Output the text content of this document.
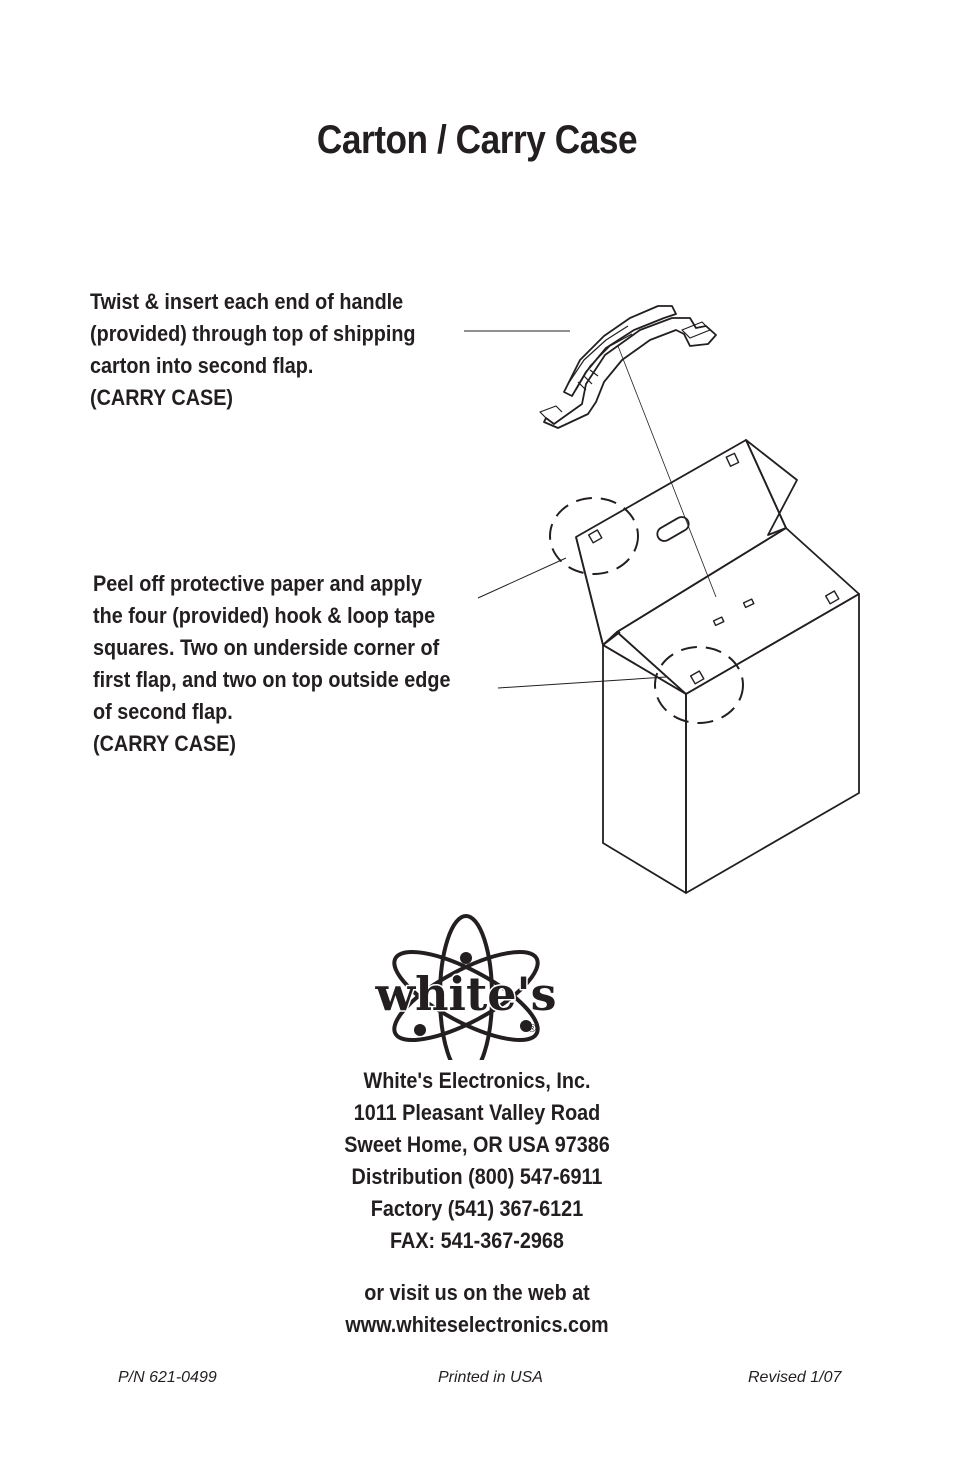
Carton / Carry Case
Twist & insert each end of handle
(provided) through top of shipping
carton into second flap.
(CARRY CASE)
Peel off protective paper and apply
the four (provided) hook & loop tape
squares. Two on underside corner of
first flap, and two on top outside edge
of second flap.
(CARRY CASE)
white's
®
White's Electronics, Inc.
1011 Pleasant Valley Road
Sweet Home, OR USA 97386
Distribution (800) 547-6911
Factory (541) 367-6121
FAX: 541-367-2968
or visit us on the web at
www.whiteselectronics.com
P/N 621-0499	Printed in USA	Revised 1/07
